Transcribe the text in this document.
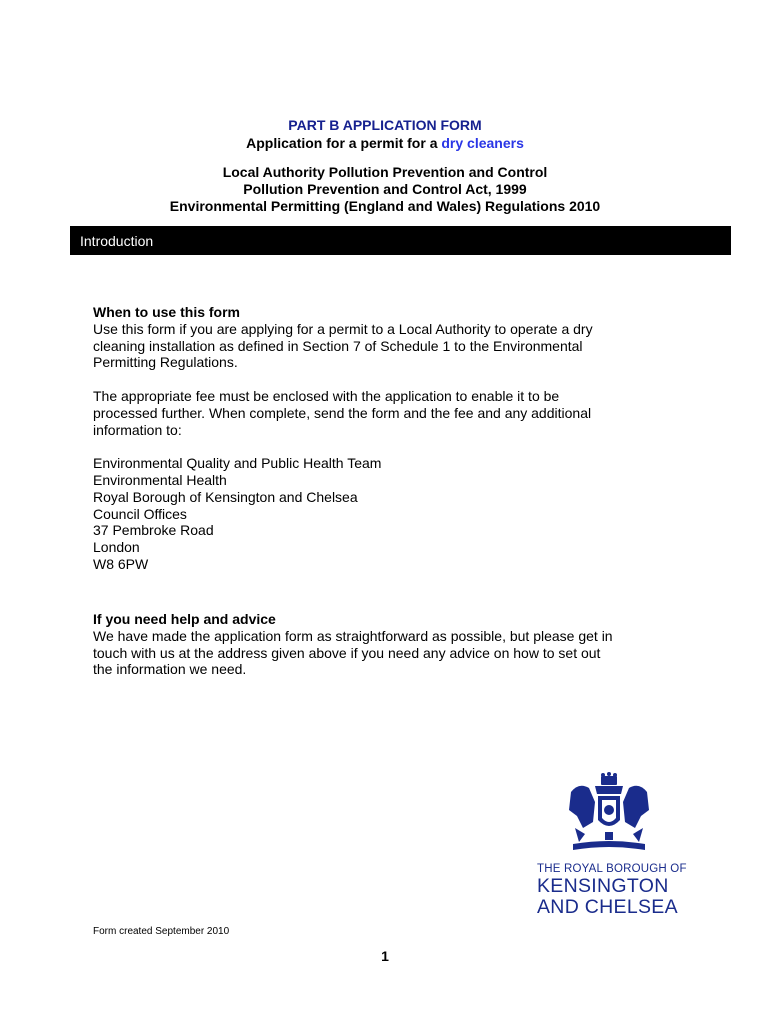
PART B APPLICATION FORM
Application for a permit for a dry cleaners
Local Authority Pollution Prevention and Control
Pollution Prevention and Control Act, 1999
Environmental Permitting (England and Wales) Regulations 2010
Introduction
When to use this form

Use this form if you are applying for a permit to a Local Authority to operate a dry
cleaning installation as defined in Section 7 of Schedule 1 to the Environmental
Permitting Regulations.

The appropriate fee must be enclosed with the application to enable it to be
processed further. When complete, send the form and the fee and any additional
information to:

Environmental Quality and Public Health Team
Environmental Health
Royal Borough of Kensington and Chelsea
Council Offices
37 Pembroke Road
London
W8 6PW

If you need help and advice

We have made the application form as straightforward as possible, but please get in
touch with us at the address given above if you need any advice on how to set out
the information we need.

THE ROYAL BOROUGH OF
KENSINGTON
AND CHELSEA
Form created September 2010
1
